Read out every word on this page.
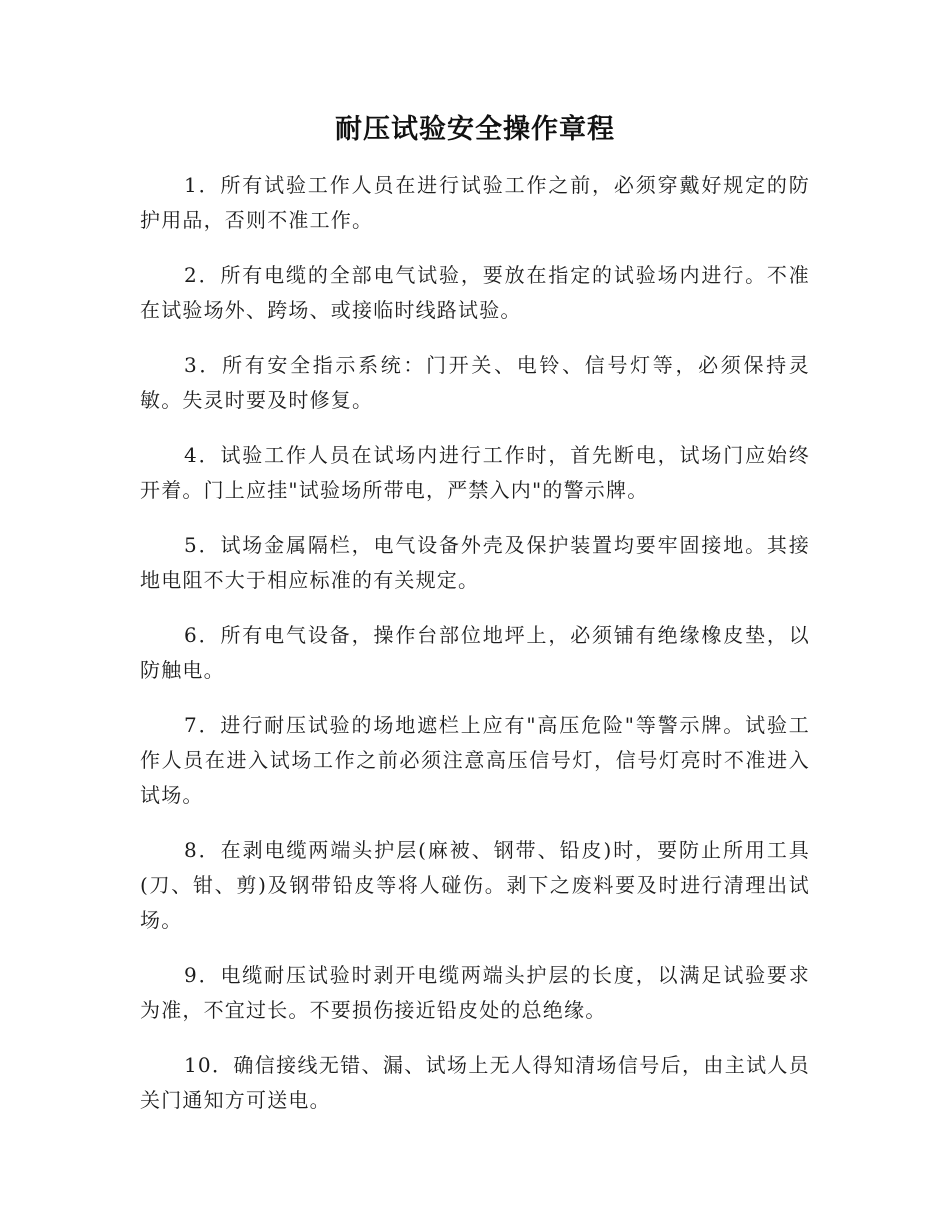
耐压试验安全操作章程

1．所有试验工作人员在进行试验工作之前，必须穿戴好规定的防护用品，否则不准工作。

2．所有电缆的全部电气试验，要放在指定的试验场内进行。不准在试验场外、跨场、或接临时线路试验。

3．所有安全指示系统：门开关、电铃、信号灯等，必须保持灵敏。失灵时要及时修复。

4．试验工作人员在试场内进行工作时，首先断电，试场门应始终开着。门上应挂"试验场所带电，严禁入内"的警示牌。

5．试场金属隔栏，电气设备外壳及保护装置均要牢固接地。其接地电阻不大于相应标准的有关规定。

6．所有电气设备，操作台部位地坪上，必须铺有绝缘橡皮垫，以防触电。

7．进行耐压试验的场地遮栏上应有"高压危险"等警示牌。试验工作人员在进入试场工作之前必须注意高压信号灯，信号灯亮时不准进入试场。

8．在剥电缆两端头护层(麻被、钢带、铅皮)时，要防止所用工具(刀、钳、剪)及钢带铅皮等将人碰伤。剥下之废料要及时进行清理出试场。

9．电缆耐压试验时剥开电缆两端头护层的长度，以满足试验要求为准，不宜过长。不要损伤接近铅皮处的总绝缘。

10．确信接线无错、漏、试场上无人得知清场信号后，由主试人员关门通知方可送电。
